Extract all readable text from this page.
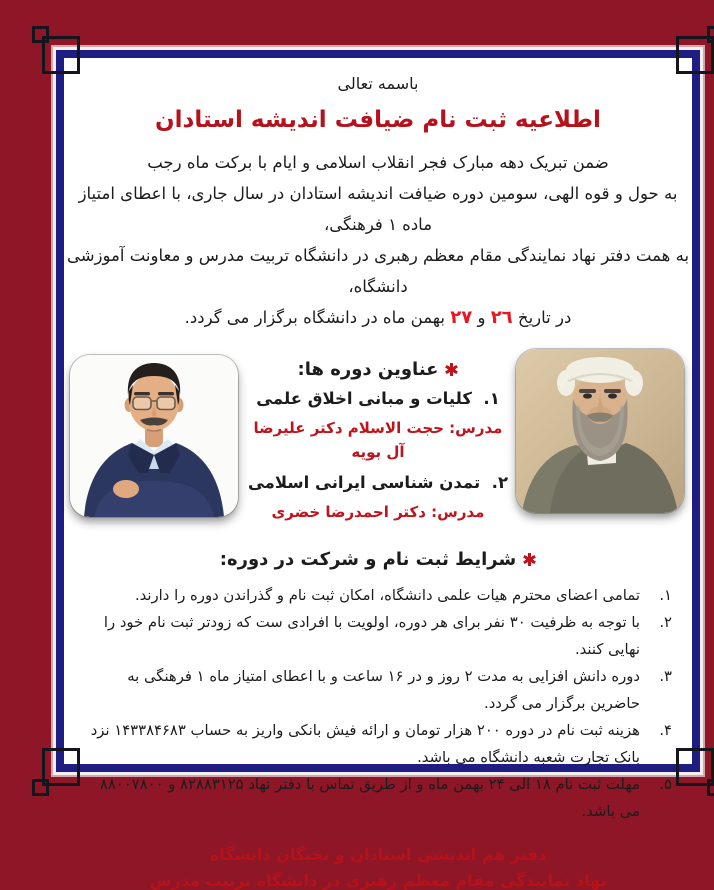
باسمه تعالی

اطلاعیه ثبت نام ضیافت اندیشه استادان

ضمن تبریک دهه مبارک فجر انقلاب اسلامی و ایام با برکت ماه رجب

به حول و قوه الهی، سومین دوره ضیافت اندیشه استادان در سال جاری، با اعطای امتیاز ماده ۱ فرهنگی،

به همت دفتر نهاد نمایندگی مقام معظم رهبری در دانشگاه تربیت مدرس و معاونت آموزشی دانشگاه،

در تاریخ ۲٦ و ۲۷ بهمن ماه در دانشگاه برگزار می گردد.

عناوین دوره ها:

۱.  کلیات و مبانی اخلاق علمی

مدرس: حجت الاسلام دکتر علیرضا آل بویه

۲.  تمدن شناسی ایرانی اسلامی

مدرس: دکتر احمدرضا خضری

شرایط ثبت نام و شرکت در دوره:

۱.
تمامی اعضای محترم هیات علمی دانشگاه، امکان ثبت نام و گذراندن دوره را دارند.
۲.
با توجه به ظرفیت ۳۰ نفر برای هر دوره، اولویت با افرادی ست که زودتر ثبت نام خود را نهایی کنند.
۳.
دوره دانش افزایی به مدت ۲ روز و در ۱۶ ساعت و با اعطای امتیاز ماه ۱ فرهنگی به حاضرین برگزار می گردد.
۴.
هزینه ثبت نام در دوره ۲۰۰ هزار تومان و ارائه فیش بانکی واریز به حساب ۱۴۳۳۸۴۶۸۳ نزد بانک تجارت شعبه دانشگاه می باشد.
۵.
مهلت ثبت نام ۱۸ الی ۲۴ بهمن ماه و از طریق تماس با دفتر نهاد ۸۲۸۸۳۱۲۵ و ۸۸۰۰۷۸۰۰ می باشد.

دفتر هم اندیشی استادان و نخبگان دانشگاه

نهاد نمایندگی مقام معظم رهبری در دانشگاه تربیت مدرس
